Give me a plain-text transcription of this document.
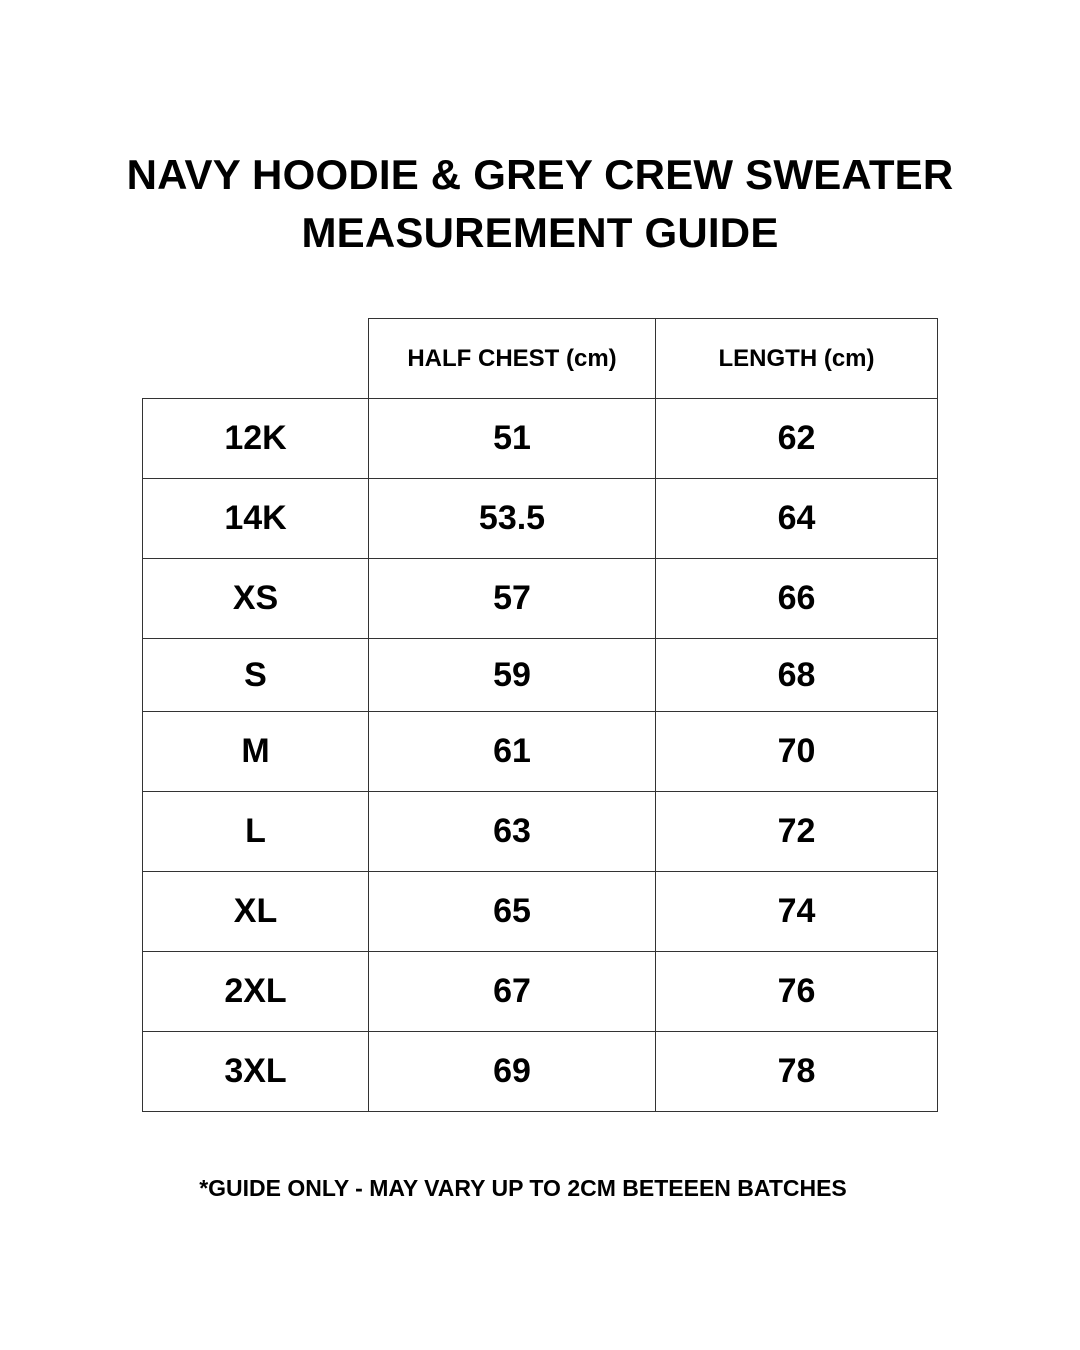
NAVY HOODIE & GREY CREW SWEATER
MEASUREMENT GUIDE
	HALF CHEST (cm)	LENGTH (cm)
12K	51	62
14K	53.5	64
XS	57	66
S	59	68
M	61	70
L	63	72
XL	65	74
2XL	67	76
3XL	69	78
*GUIDE ONLY - MAY VARY UP TO 2CM BETEEEN BATCHES
